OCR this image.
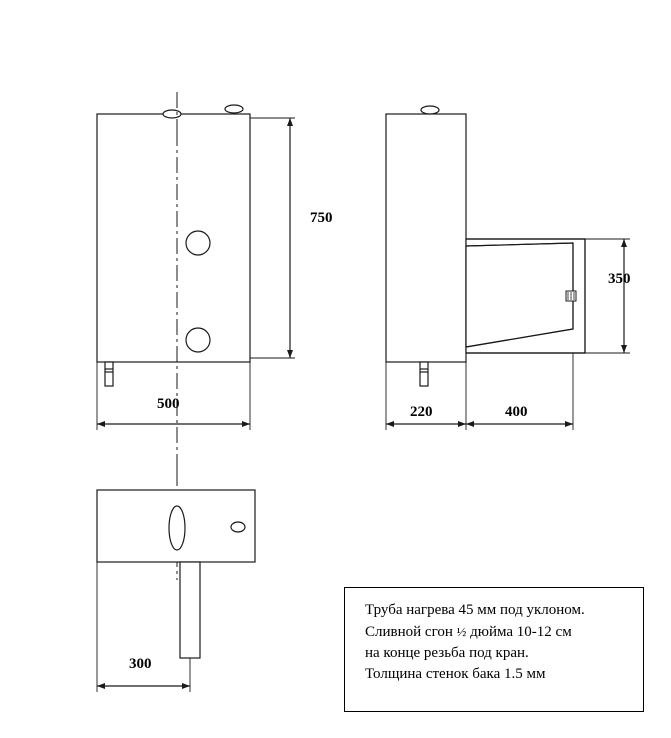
750
500
350
220	400
300
Труба нагрева 45 мм под уклоном.
Сливной сгон ½ дюйма 10-12 см
на конце резьба под кран.
Толщина стенок бака 1.5 мм
